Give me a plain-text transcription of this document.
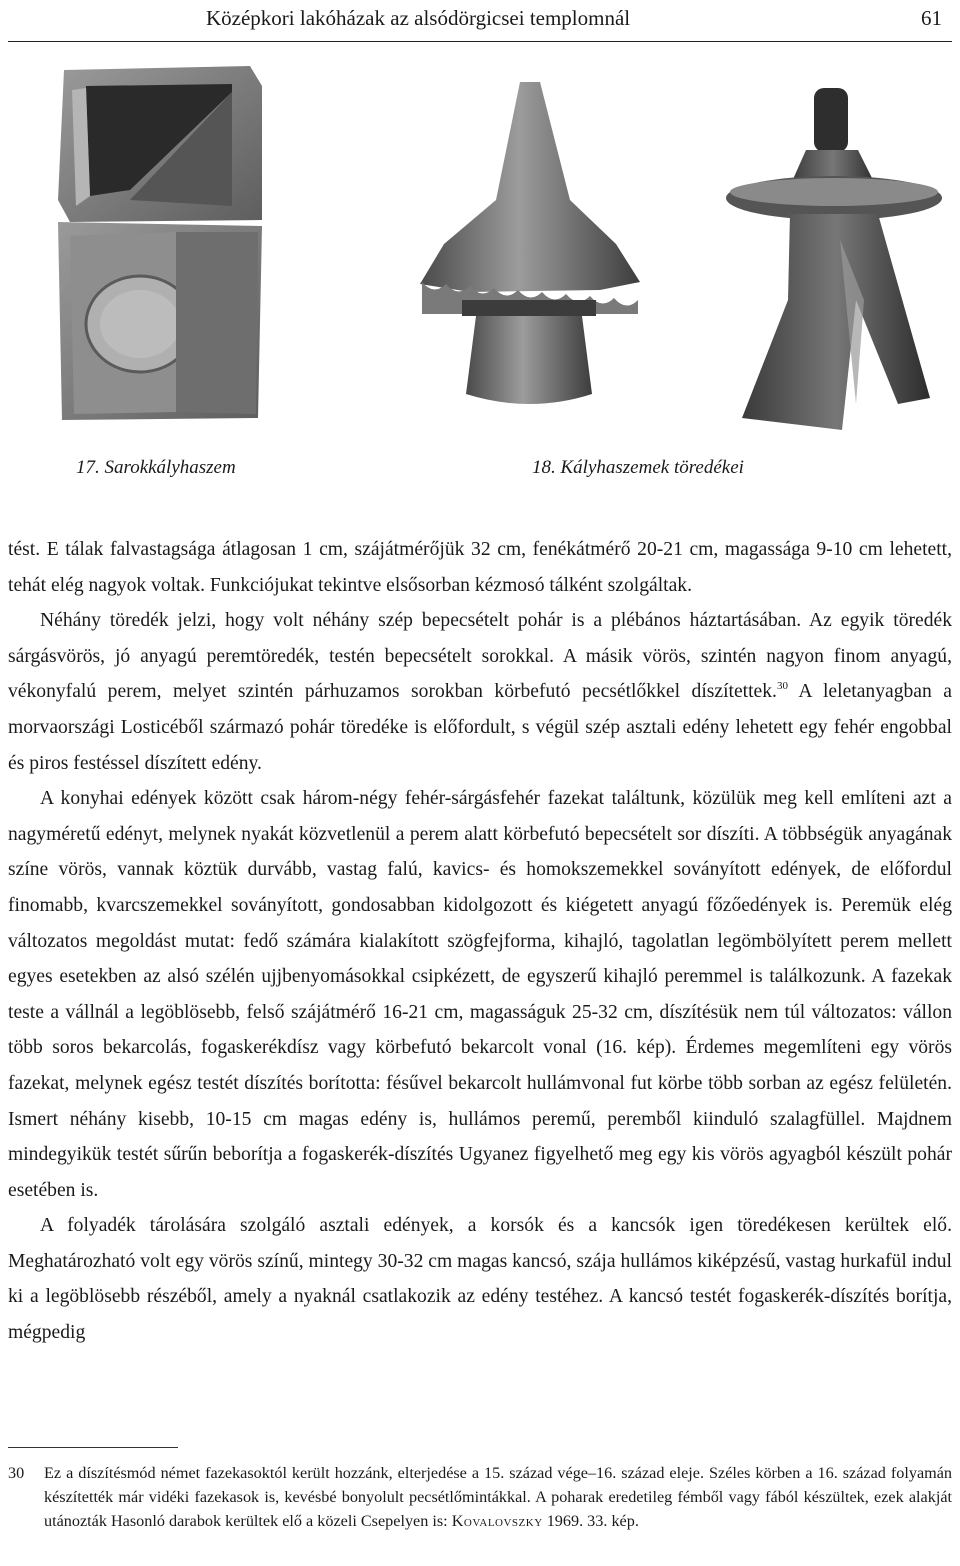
Középkori lakóházak az alsódörgicsei templomnál	61
17. Sarokkályhaszem	18. Kályhaszemek töredékei

tést. E tálak falvastagsága átlagosan 1 cm, szájátmérőjük 32 cm, fenékátmérő 20-21 cm, magassága 9-10 cm lehetett, tehát elég nagyok voltak. Funkciójukat tekintve elsősorban kézmosó tálként szolgáltak.

Néhány töredék jelzi, hogy volt néhány szép bepecsételt pohár is a plébános háztartásában. Az egyik töredék sárgásvörös, jó anyagú peremtöredék, testén bepecsételt sorokkal. A másik vörös, szintén nagyon finom anyagú, vékonyfalú perem, melyet szintén párhuzamos sorokban körbefutó pecsétlőkkel díszítettek.$^{30}$ A leletanyagban a morvaországi Losticéből származó pohár töredéke is előfordult, s végül szép asztali edény lehetett egy fehér engobbal és piros festéssel díszített edény.

A konyhai edények között csak három-négy fehér-sárgásfehér fazekat találtunk, közülük meg kell említeni azt a nagyméretű edényt, melynek nyakát közvetlenül a perem alatt körbefutó bepecsételt sor díszíti. A többségük anyagának színe vörös, vannak köztük durvább, vastag falú, kavics- és homokszemekkel soványított edények, de előfordul finomabb, kvarcszemekkel soványított, gondosabban kidolgozott és kiégetett anyagú főzőedények is. Peremük elég változatos megoldást mutat: fedő számára kialakított szögfejforma, kihajló, tagolatlan legömbölyített perem mellett egyes esetekben az alsó szélén ujjbenyomásokkal csipkézett, de egyszerű kihajló peremmel is találkozunk. A fazekak teste a vállnál a legöblösebb, felső szájátmérő 16-21 cm, magasságuk 25-32 cm, díszítésük nem túl változatos: vállon több soros bekarcolás, fogaskerékdísz vagy körbefutó bekarcolt vonal (16. kép). Érdemes megemlíteni egy vörös fazekat, melynek egész testét díszítés borította: fésűvel bekarcolt hullámvonal fut körbe több sorban az egész felületén. Ismert néhány kisebb, 10-15 cm magas edény is, hullámos peremű, peremből kiinduló szalagfüllel. Majdnem mindegyikük testét sűrűn beborítja a fogaskerék-díszítés Ugyanez figyelhető meg egy kis vörös agyagból készült pohár esetében is.

A folyadék tárolására szolgáló asztali edények, a korsók és a kancsók igen töredékesen kerültek elő. Meghatározható volt egy vörös színű, mintegy 30-32 cm magas kancsó, szája hullámos kiképzésű, vastag hurkafül indul ki a legöblösebb részéből, amely a nyaknál csatlakozik az edény testéhez. A kancsó testét fogaskerék-díszítés borítja, mégpedig

30 Ez a díszítésmód német fazekasoktól került hozzánk, elterjedése a 15. század vége–16. század eleje. Széles körben a 16. század folyamán készítették már vidéki fazekasok is, kevésbé bonyolult pecsétlőmintákkal. A poharak eredetileg fémből vagy fából készültek, ezek alakját utánozták Hasonló darabok kerültek elő a közeli Csepelyen is: Kovalovszky 1969. 33. kép.
